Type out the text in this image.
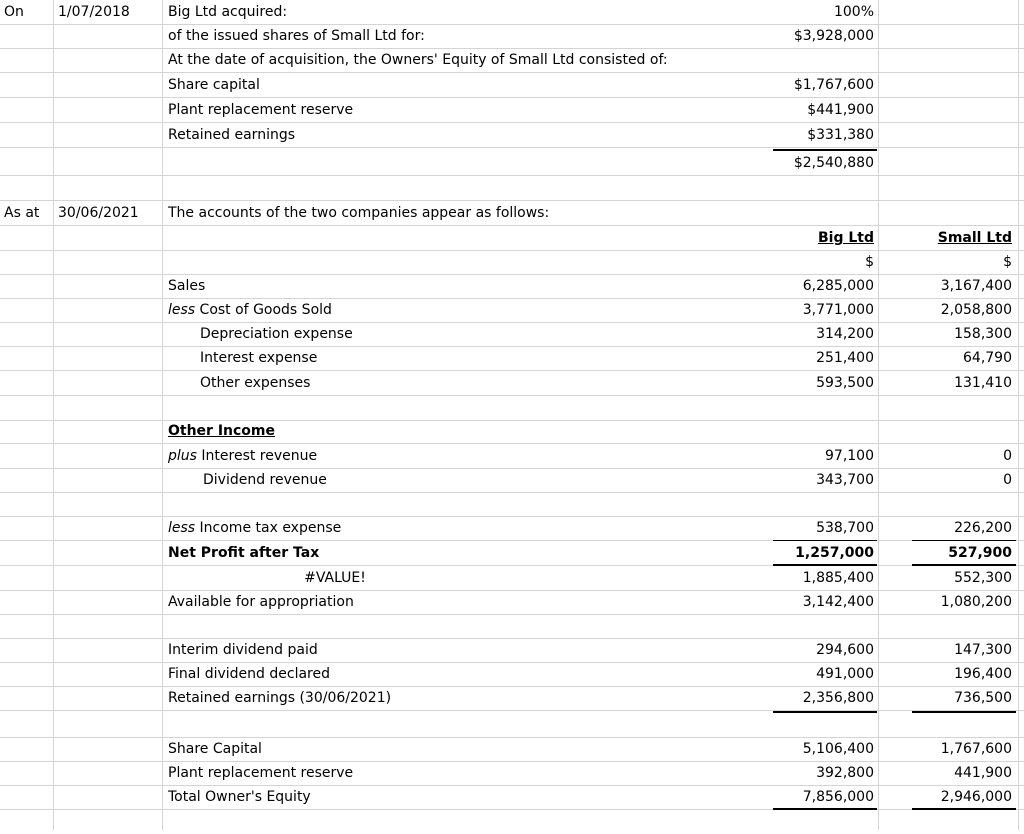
On 1/07/2018	Big Ltd acquired:	100%
of the issued shares of Small Ltd for:	$3,928,000
At the date of acquisition, the Owners' Equity of Small Ltd consisted of:
Share capital	$1,767,600
Plant replacement reserve	$441,900
Retained earnings	$331,380
$2,540,880
As at 30/06/2021 The accounts of the two companies appear as follows:
Big Ltd	Small Ltd
$	$
Sales	6,285,000	3,167,400
less Cost of Goods Sold	3,771,000	2,058,800
Depreciation expense	314,200	158,300
Interest expense	251,400	64,790
Other expenses	593,500	131,410
Other Income
plus Interest revenue	97,100	0
Dividend revenue	343,700	0
less Income tax expense	538,700	226,200
Net Profit after Tax	1,257,000	527,900
#VALUE!	1,885,400	552,300
Available for appropriation	3,142,400	1,080,200
Interim dividend paid	294,600	147,300
Final dividend declared	491,000	196,400
Retained earnings (30/06/2021)	2,356,800	736,500
Share Capital	5,106,400	1,767,600
Plant replacement reserve	392,800	441,900
Total Owner's Equity	7,856,000	2,946,000
